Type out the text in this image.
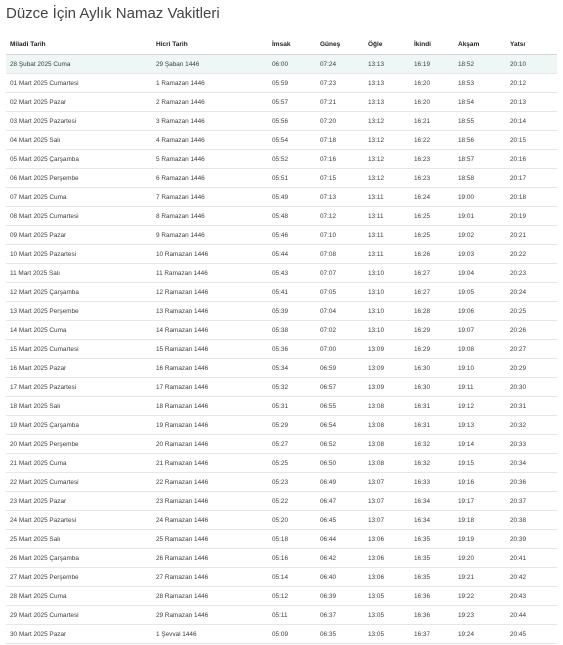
Düzce İçin Aylık Namaz Vakitleri
Miladi Tarih	Hicri Tarih	İmsak	Güneş	Öğle	İkindi	Akşam	Yatsı
28 Şubat 2025 Cuma	29 Şaban 1446	06:00	07:24	13:13	16:19	18:52	20:10
01 Mart 2025 Cumartesi	1 Ramazan 1446	05:59	07:23	13:13	16:20	18:53	20:12
02 Mart 2025 Pazar	2 Ramazan 1446	05:57	07:21	13:13	16:20	18:54	20:13
03 Mart 2025 Pazartesi	3 Ramazan 1446	05:56	07:20	13:12	16:21	18:55	20:14
04 Mart 2025 Salı	4 Ramazan 1446	05:54	07:18	13:12	16:22	18:56	20:15
05 Mart 2025 Çarşamba	5 Ramazan 1446	05:52	07:16	13:12	16:23	18:57	20:16
06 Mart 2025 Perşembe	6 Ramazan 1446	05:51	07:15	13:12	16:23	18:58	20:17
07 Mart 2025 Cuma	7 Ramazan 1446	05:49	07:13	13:11	16:24	19:00	20:18
08 Mart 2025 Cumartesi	8 Ramazan 1446	05:48	07:12	13:11	16:25	19:01	20:19
09 Mart 2025 Pazar	9 Ramazan 1446	05:46	07:10	13:11	16:25	19:02	20:21
10 Mart 2025 Pazartesi	10 Ramazan 1446	05:44	07:08	13:11	16:26	19:03	20:22
11 Mart 2025 Salı	11 Ramazan 1446	05:43	07:07	13:10	16:27	19:04	20:23
12 Mart 2025 Çarşamba	12 Ramazan 1446	05:41	07:05	13:10	16:27	19:05	20:24
13 Mart 2025 Perşembe	13 Ramazan 1446	05:39	07:04	13:10	16:28	19:06	20:25
14 Mart 2025 Cuma	14 Ramazan 1446	05:38	07:02	13:10	16:29	19:07	20:26
15 Mart 2025 Cumartesi	15 Ramazan 1446	05:36	07:00	13:09	16:29	19:08	20:27
16 Mart 2025 Pazar	16 Ramazan 1446	05:34	06:59	13:09	16:30	19:10	20:29
17 Mart 2025 Pazartesi	17 Ramazan 1446	05:32	06:57	13:09	16:30	19:11	20:30
18 Mart 2025 Salı	18 Ramazan 1446	05:31	06:55	13:08	16:31	19:12	20:31
19 Mart 2025 Çarşamba	19 Ramazan 1446	05:29	06:54	13:08	16:31	19:13	20:32
20 Mart 2025 Perşembe	20 Ramazan 1446	05:27	06:52	13:08	16:32	19:14	20:33
21 Mart 2025 Cuma	21 Ramazan 1446	05:25	06:50	13:08	16:32	19:15	20:34
22 Mart 2025 Cumartesi	22 Ramazan 1446	05:23	06:49	13:07	16:33	19:16	20:36
23 Mart 2025 Pazar	23 Ramazan 1446	05:22	06:47	13:07	16:34	19:17	20:37
24 Mart 2025 Pazartesi	24 Ramazan 1446	05:20	06:45	13:07	16:34	19:18	20:38
25 Mart 2025 Salı	25 Ramazan 1446	05:18	06:44	13:06	16:35	19:19	20:39
26 Mart 2025 Çarşamba	26 Ramazan 1446	05:16	06:42	13:06	16:35	19:20	20:41
27 Mart 2025 Perşembe	27 Ramazan 1446	05:14	06:40	13:06	16:35	19:21	20:42
28 Mart 2025 Cuma	28 Ramazan 1446	05:12	06:39	13:05	16:36	19:22	20:43
29 Mart 2025 Cumartesi	29 Ramazan 1446	05:11	06:37	13:05	16:36	19:23	20:44
30 Mart 2025 Pazar	1 Şevval 1446	05:09	06:35	13:05	16:37	19:24	20:45
